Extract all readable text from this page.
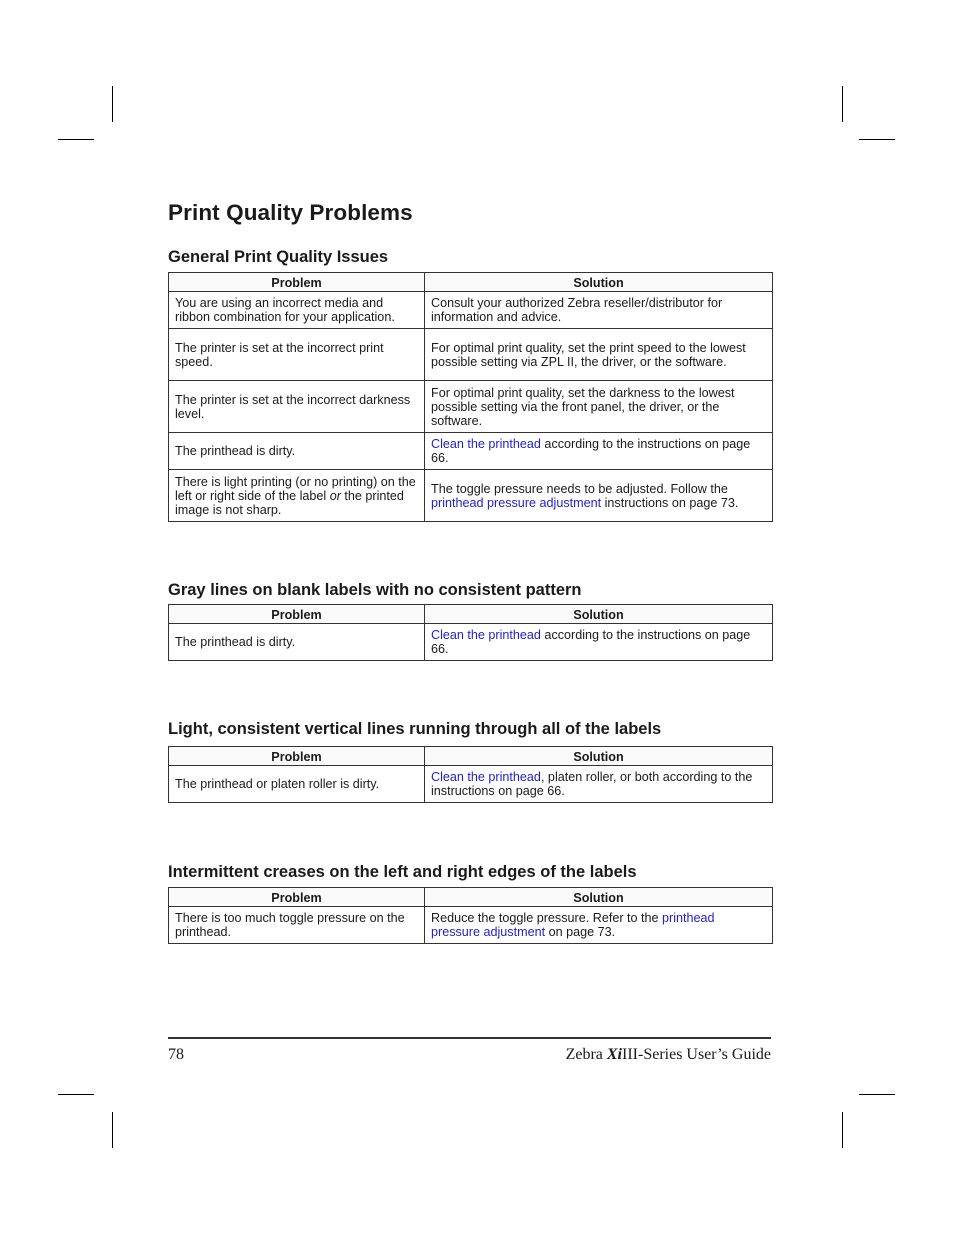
Print Quality Problems
General Print Quality Issues
Problem	Solution
You are using an incorrect media and ribbon combination for your application.	Consult your authorized Zebra reseller/distributor for information and advice.
The printer is set at the incorrect print speed.	For optimal print quality, set the print speed to the lowest possible setting via ZPL II, the driver, or the software.
The printer is set at the incorrect darkness level.	For optimal print quality, set the darkness to the lowest possible setting via the front panel, the driver, or the software.
The printhead is dirty.	Clean the printhead according to the instructions on page 66.
There is light printing (or no printing) on the left or right side of the label or the printed image is not sharp.	The toggle pressure needs to be adjusted. Follow the printhead pressure adjustment instructions on page 73.
Gray lines on blank labels with no consistent pattern
Problem	Solution
The printhead is dirty.	Clean the printhead according to the instructions on page 66.
Light, consistent vertical lines running through all of the labels
Problem	Solution
The printhead or platen roller is dirty.	Clean the printhead, platen roller, or both according to the instructions on page 66.
Intermittent creases on the left and right edges of the labels
Problem	Solution
There is too much toggle pressure on the printhead.	Reduce the toggle pressure. Refer to the printhead pressure adjustment on page 73.
78	Zebra XiIII-Series User’s Guide
